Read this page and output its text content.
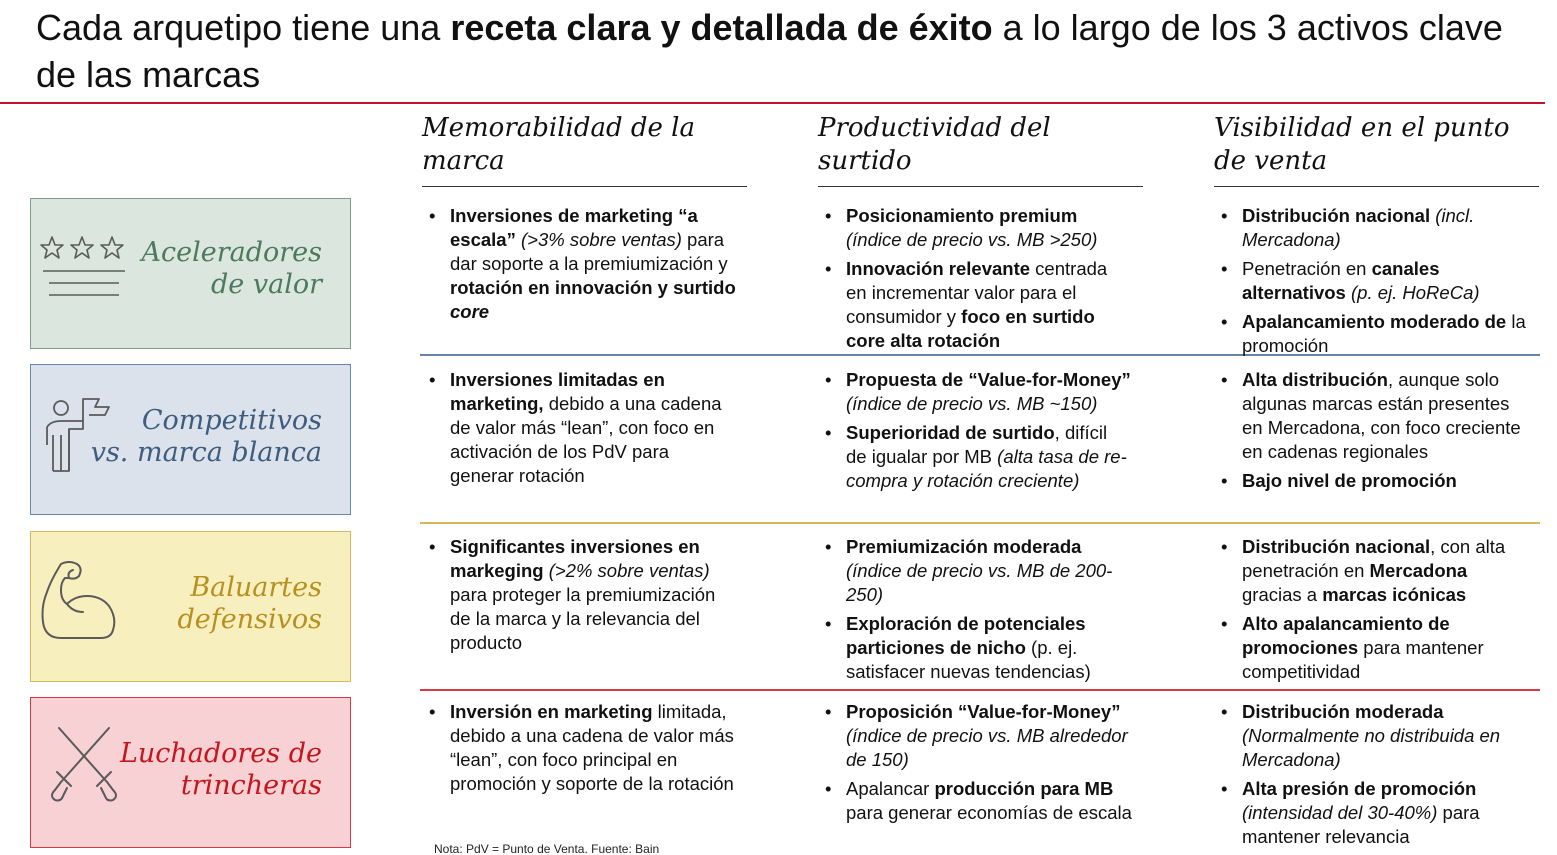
Cada arquetipo tiene una receta clara y detallada de éxito a lo largo de los 3 activos clave de las marcas
Memorabilidad de la marca
Productividad del surtido
Visibilidad en el punto de venta
Aceleradores
de valor
Competitivos
vs. marca blanca
Baluartes
defensivos
Luchadores de
trincheras
• Inversiones de marketing “a escala” (>3% sobre ventas) para dar soporte a la premiumización y rotación en innovación y surtido core
• Posicionamiento premium (índice de precio vs. MB >250)
• Innovación relevante centrada en incrementar valor para el consumidor y foco en surtido core alta rotación
• Distribución nacional (incl. Mercadona)
• Penetración en canales alternativos (p. ej. HoReCa)
• Apalancamiento moderado de la promoción
• Inversiones limitadas en marketing, debido a una cadena de valor más “lean”, con foco en activación de los PdV para generar rotación
• Propuesta de “Value-for-Money” (índice de precio vs. MB ~150)
• Superioridad de surtido, difícil de igualar por MB (alta tasa de re-compra y rotación creciente)
• Alta distribución, aunque solo algunas marcas están presentes en Mercadona, con foco creciente en cadenas regionales
• Bajo nivel de promoción
• Significantes inversiones en markeging (>2% sobre ventas) para proteger la premiumización de la marca y la relevancia del producto
• Premiumización moderada (índice de precio vs. MB de 200-250)
• Exploración de potenciales particiones de nicho (p. ej. satisfacer nuevas tendencias)
• Distribución nacional, con alta penetración en Mercadona gracias a marcas icónicas
• Alto apalancamiento de promociones para mantener competitividad
• Inversión en marketing limitada, debido a una cadena de valor más “lean”, con foco principal en promoción y soporte de la rotación
• Proposición “Value-for-Money” (índice de precio vs. MB alrededor de 150)
• Apalancar producción para MB para generar economías de escala
• Distribución moderada (Normalmente no distribuida en Mercadona)
• Alta presión de promoción (intensidad del 30-40%) para mantener relevancia
Nota: PdV = Punto de Venta. Fuente: Bain
